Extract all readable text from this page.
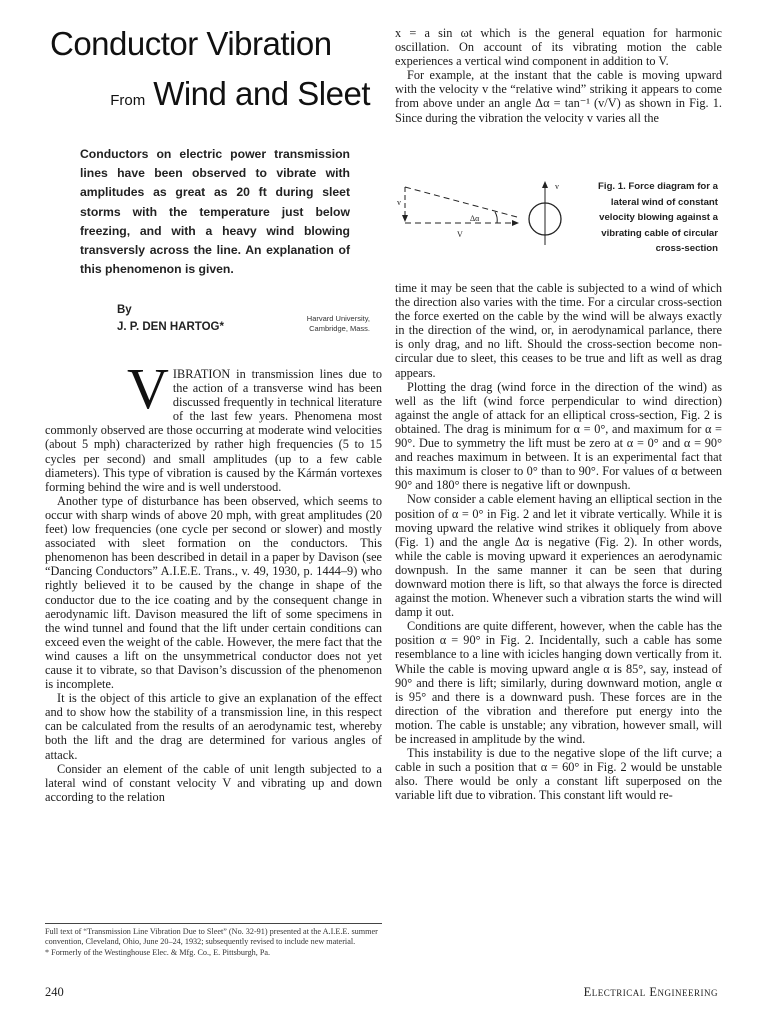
Conductor Vibration
From Wind and Sleet
Conductors on electric power transmission lines have been observed to vibrate with amplitudes as great as 20 ft during sleet storms with the temperature just below freezing, and with a heavy wind blowing transversly across the line. An explanation of this phenomenon is given.
By
J. P. DEN HARTOG*
Harvard University, Cambridge, Mass.
V IBRATION in transmission lines due to the action of a transverse wind has been discussed frequently in technical literature of the last few years. Phenomena most commonly observed are those occurring at moderate wind velocities (about 5 mph) characterized by rather high frequencies (5 to 15 cycles per second) and small amplitudes (up to a few cable diameters). This type of vibration is caused by the Kármán vortexes forming behind the wire and is well understood.

Another type of disturbance has been observed, which seems to occur with sharp winds of above 20 mph, with great amplitudes (20 feet) low frequencies (one cycle per second or slower) and mostly associated with sleet formation on the conductors. This phenomenon has been described in detail in a paper by Davison (see “Dancing Conductors” A.I.E.E. Trans., v. 49, 1930, p. 1444–9) who rightly believed it to be caused by the change in shape of the conductor due to the ice coating and by the consequent change in aerodynamic lift. Davison measured the lift of some specimens in the wind tunnel and found that the lift under certain conditions can exceed even the weight of the cable. However, the mere fact that the wind causes a lift on the unsymmetrical conductor does not yet cause it to vibrate, so that Davison’s discussion of the phenomenon is incomplete.

It is the object of this article to give an explanation of the effect and to show how the stability of a transmission line, in this respect can be calculated from the results of an aerodynamic test, whereby both the lift and the drag are determined for various angles of attack.

Consider an element of the cable of unit length subjected to a lateral wind of constant velocity V and vibrating up and down according to the relation

Full text of “Transmission Line Vibration Due to Sleet” (No. 32-91) presented at the A.I.E.E. summer convention, Cleveland, Ohio, June 20–24, 1932; subsequently revised to include new material.
* Formerly of the Westinghouse Elec. & Mfg. Co., E. Pittsburgh, Pa.

x = a sin ωt which is the general equation for harmonic oscillation. On account of its vibrating motion the cable experiences a vertical wind component in addition to V.

For example, at the instant that the cable is moving upward with the velocity v the “relative wind” striking it appears to come from above under an angle Δα = tan⁻¹ (v/V) as shown in Fig. 1. Since during the vibration the velocity v varies all the

v
V
Δα
v	Fig. 1. Force diagram for a lateral wind of constant velocity blowing against a vibrating cable of circular cross-section

time it may be seen that the cable is subjected to a wind of which the direction also varies with the time. For a circular cross-section the force exerted on the cable by the wind will be always exactly in the direction of the wind, or, in aerodynamical parlance, there is only drag, and no lift. Should the cross-section become non-circular due to sleet, this ceases to be true and lift as well as drag appears.

Plotting the drag (wind force in the direction of the wind) as well as the lift (wind force perpendicular to wind direction) against the angle of attack for an elliptical cross-section, Fig. 2 is obtained. The drag is minimum for α = 0°, and maximum for α = 90°. Due to symmetry the lift must be zero at α = 0° and α = 90° and reaches maximum in between. It is an experimental fact that this maximum is closer to 0° than to 90°. For values of α between 90° and 180° there is negative lift or downpush.

Now consider a cable element having an elliptical section in the position of α = 0° in Fig. 2 and let it vibrate vertically. While it is moving upward the relative wind strikes it obliquely from above (Fig. 1) and the angle Δα is negative (Fig. 2). In other words, while the cable is moving upward it experiences an aerodynamic downpush. In the same manner it can be seen that during downward motion there is lift, so that always the force is directed against the motion. Whenever such a vibration starts the wind will damp it out.

Conditions are quite different, however, when the cable has the position α = 90° in Fig. 2. Incidentally, such a cable has some resemblance to a line with icicles hanging down vertically from it. While the cable is moving upward angle α is 85°, say, instead of 90° and there is lift; similarly, during downward motion, angle α is 95° and there is a downward push. These forces are in the direction of the vibration and therefore put energy into the motion. The cable is unstable; any vibration, however small, will be increased in amplitude by the wind.

This instability is due to the negative slope of the lift curve; a cable in such a position that α = 60° in Fig. 2 would be unstable also. There would be only a constant lift superposed on the variable lift due to vibration. This constant lift would re-

240	Electrical Engineering
